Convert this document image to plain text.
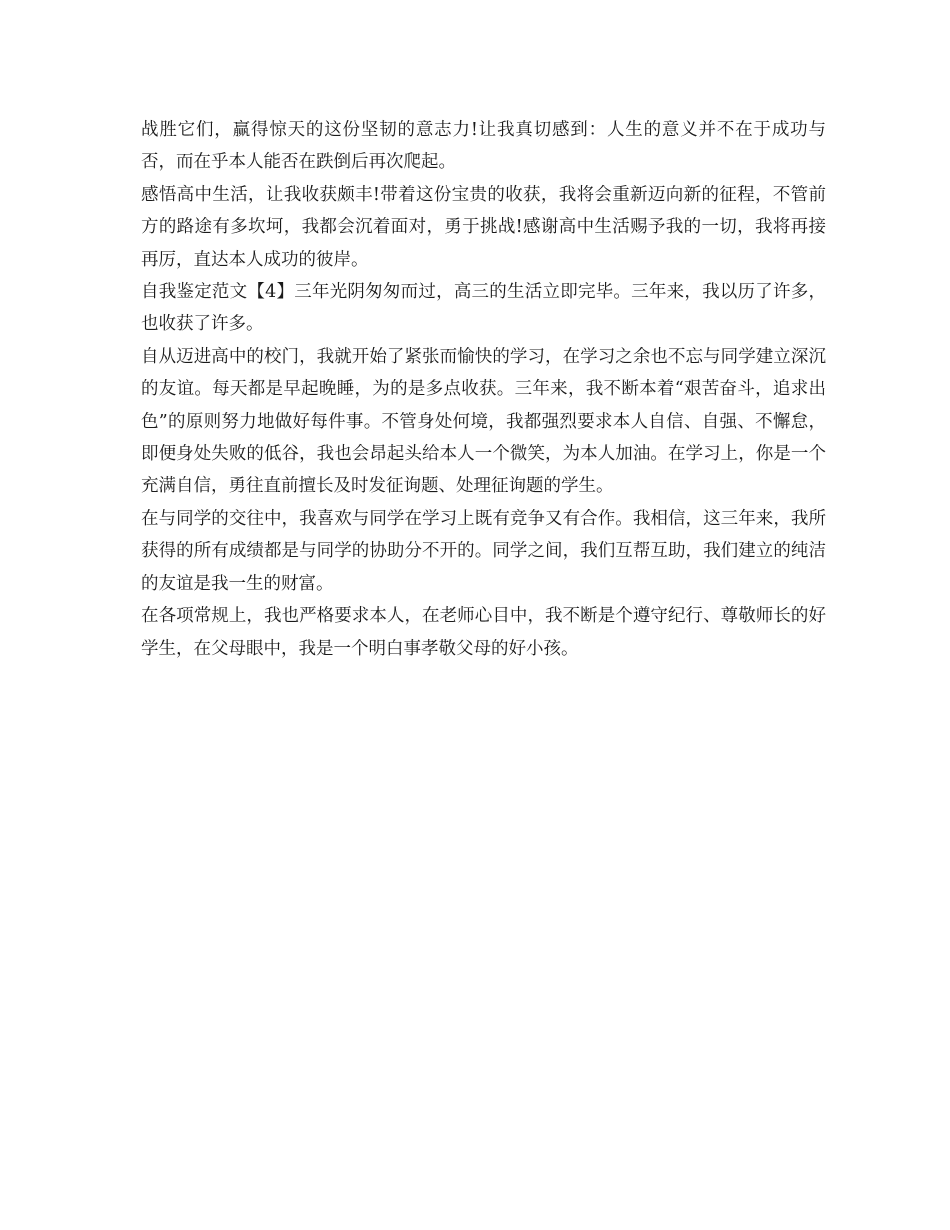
战胜它们，赢得惊天的这份坚韧的意志力!让我真切感到：人生的意义并不在于成功与否，而在乎本人能否在跌倒后再次爬起。

感悟高中生活，让我收获颇丰!带着这份宝贵的收获，我将会重新迈向新的征程，不管前方的路途有多坎坷，我都会沉着面对，勇于挑战!感谢高中生活赐予我的一切，我将再接再厉，直达本人成功的彼岸。

自我鉴定范文【4】三年光阴匆匆而过，高三的生活立即完毕。三年来，我以历了许多，也收获了许多。

自从迈进高中的校门，我就开始了紧张而愉快的学习，在学习之余也不忘与同学建立深沉的友谊。每天都是早起晚睡，为的是多点收获。三年来，我不断本着“艰苦奋斗，追求出色”的原则努力地做好每件事。不管身处何境，我都强烈要求本人自信、自强、不懈怠，即便身处失败的低谷，我也会昂起头给本人一个微笑，为本人加油。在学习上，你是一个充满自信，勇往直前擅长及时发征询题、处理征询题的学生。

在与同学的交往中，我喜欢与同学在学习上既有竞争又有合作。我相信，这三年来，我所获得的所有成绩都是与同学的协助分不开的。同学之间，我们互帮互助，我们建立的纯洁的友谊是我一生的财富。

在各项常规上，我也严格要求本人，在老师心目中，我不断是个遵守纪行、尊敬师长的好学生，在父母眼中，我是一个明白事孝敬父母的好小孩。
